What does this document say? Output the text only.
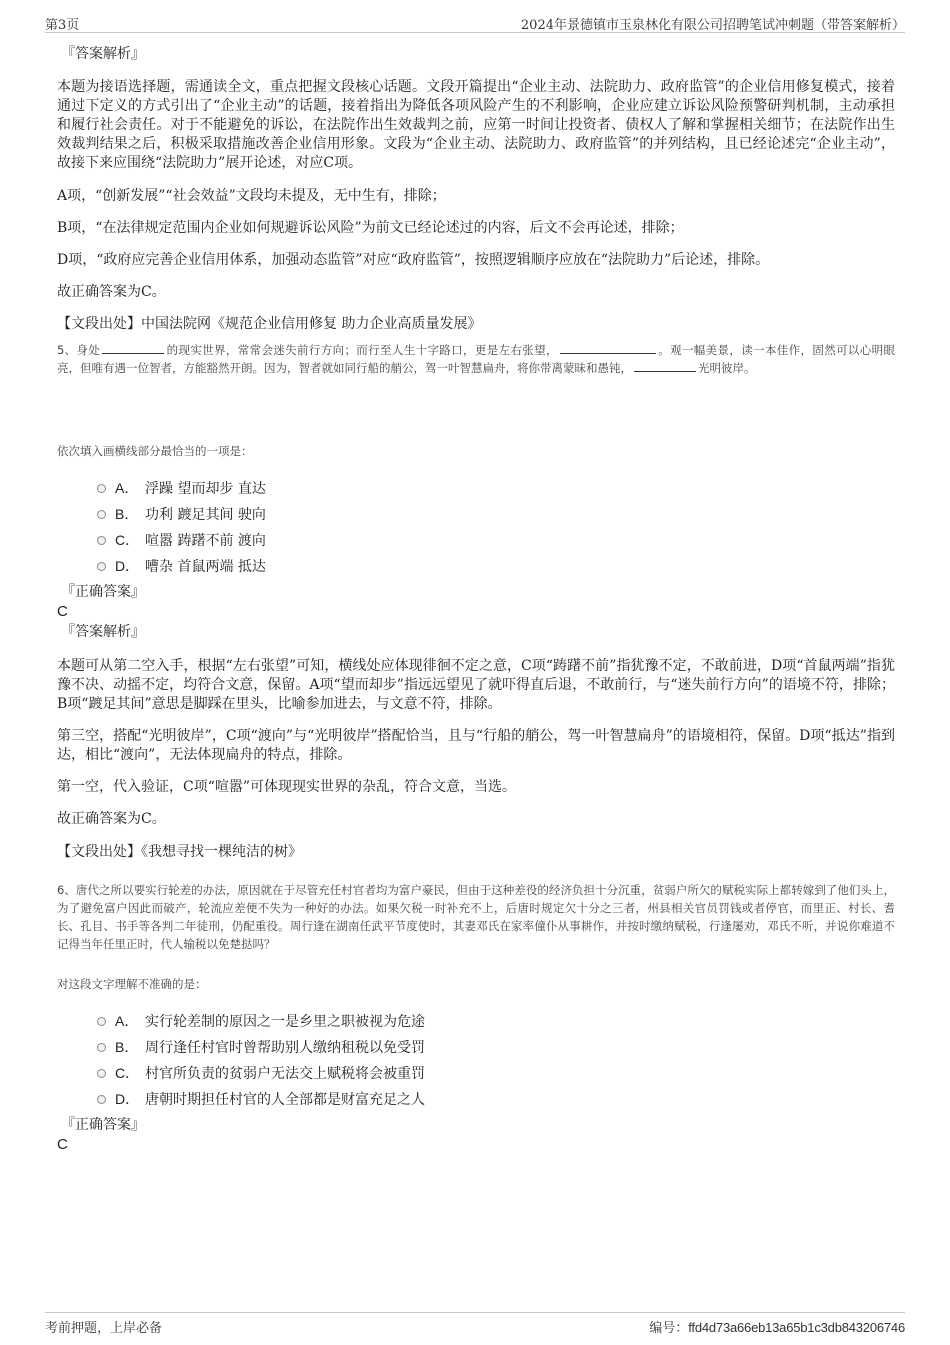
第3页	2024年景德镇市玉泉林化有限公司招聘笔试冲刺题（带答案解析）
『答案解析』

本题为接语选择题，需通读全文，重点把握文段核心话题。文段开篇提出“企业主动、法院助力、政府监管”的企业信用修复模式，接着通过下定义的方式引出了“企业主动”的话题，接着指出为降低各项风险产生的不利影响，企业应建立诉讼风险预警研判机制，主动承担和履行社会责任。对于不能避免的诉讼，在法院作出生效裁判之前，应第一时间让投资者、债权人了解和掌握相关细节；在法院作出生效裁判结果之后，积极采取措施改善企业信用形象。文段为“企业主动、法院助力、政府监管”的并列结构，且已经论述完“企业主动”，故接下来应围绕“法院助力”展开论述，对应C项。

A项，“创新发展”“社会效益”文段均未提及，无中生有，排除；

B项，“在法律规定范围内企业如何规避诉讼风险”为前文已经论述过的内容，后文不会再论述，排除；

D项，“政府应完善企业信用体系，加强动态监管”对应“政府监管”，按照逻辑顺序应放在“法院助力”后论述，排除。

故正确答案为C。

【文段出处】中国法院网《规范企业信用修复 助力企业高质量发展》

5、身处	的现实世界，常常会迷失前行方向；而行至人生十字路口，更是左右张望，	。观一幅美景，读一本佳作，固然可以心明眼亮，但唯有遇一位智者，方能豁然开朗。因为，智者就如同行船的艄公，驾一叶智慧扁舟，将你带离蒙昧和愚钝，	光明彼岸。

依次填入画横线部分最恰当的一项是：
A． 浮躁 望而却步 直达
B． 功利 踱足其间 驶向
C． 喧嚣 踌躇不前 渡向
D． 嘈杂 首鼠两端 抵达
『正确答案』
C
『答案解析』

本题可从第二空入手，根据“左右张望”可知，横线处应体现徘徊不定之意，C项“踌躇不前”指犹豫不定，不敢前进，D项“首鼠两端”指犹豫不决、动摇不定，均符合文意，保留。A项“望而却步”指远远望见了就吓得直后退，不敢前行，与“迷失前行方向”的语境不符，排除；B项“踱足其间”意思是脚踩在里头，比喻参加进去，与文意不符，排除。

第三空，搭配“光明彼岸”，C项“渡向”与“光明彼岸”搭配恰当，且与“行船的艄公，驾一叶智慧扁舟”的语境相符，保留。D项“抵达”指到达，相比“渡向”，无法体现扁舟的特点，排除。

第一空，代入验证，C项“喧嚣”可体现现实世界的杂乱，符合文意，当选。

故正确答案为C。

【文段出处】《我想寻找一棵纯洁的树》

6、唐代之所以要实行轮差的办法，原因就在于尽管充任村官者均为富户豪民，但由于这种差役的经济负担十分沉重，贫弱户所欠的赋税实际上都转嫁到了他们头上，为了避免富户因此而破产，轮流应差便不失为一种好的办法。如果欠税一时补充不上，后唐时规定欠十分之三者，州县相关官员罚钱或者停官，而里正、村长、耆长、孔目、书手等各判二年徒刑，仍配重役。周行逢在湖南任武平节度使时，其妻邓氏在家率僮仆从事耕作，并按时缴纳赋税，行逢屡劝，邓氏不听，并说你难道不记得当年任里正时，代人输税以免楚挞吗？

对这段文字理解不准确的是：
A． 实行轮差制的原因之一是乡里之职被视为危途
B． 周行逢任村官时曾帮助别人缴纳租税以免受罚
C． 村官所负责的贫弱户无法交上赋税将会被重罚
D． 唐朝时期担任村官的人全部都是财富充足之人
『正确答案』
C
考前押题，上岸必备	编号：ffd4d73a66eb13a65b1c3db843206746
